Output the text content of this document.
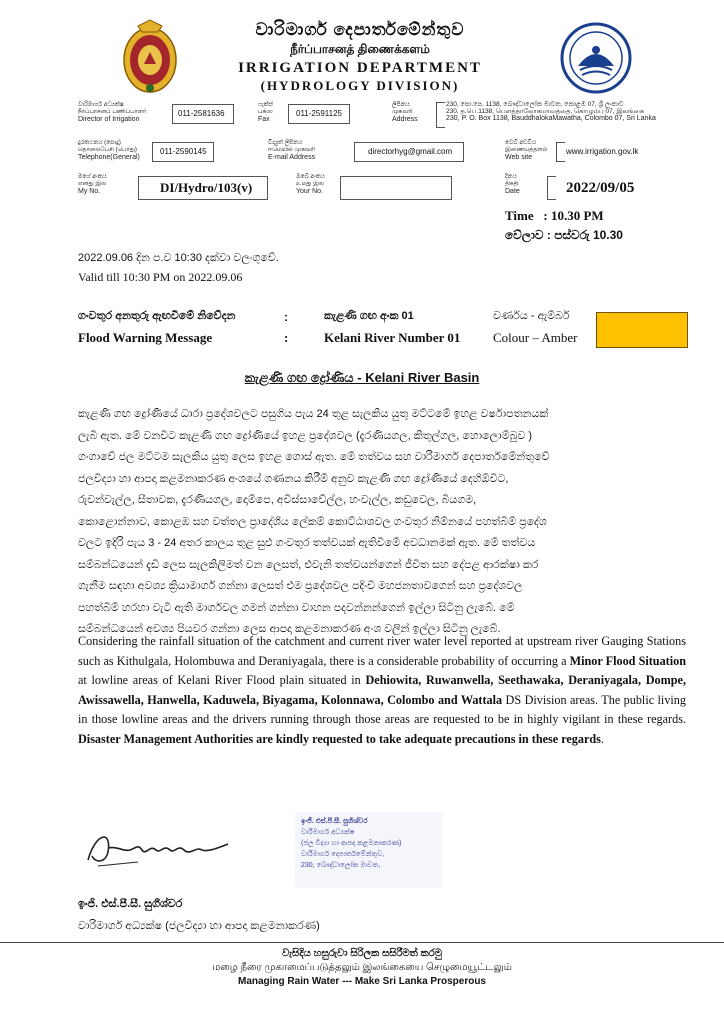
වාරිමාර්ග දෙපාර්තමේන්තුව
நீர்ப்பாசனத் திணைக்களம்
IRRIGATION DEPARTMENT
(HYDROLOGY DIVISION)
වාරිමාර්ග අධ්‍යක්ෂ
நீர்ப்பாசனப் பணிப்பாளர்
Director of Irrigation
011-2581636
ෆැක්ස්
பக்ஸ
Fax
011-2591125
ලිපිනය
முகவரி
Address
230, පො.පෙ. 1138, බෞද්ධාලෝක මාවත, කොළඹ 07, ශ්‍රී ලංකාව
230, த.பெ.1138, பௌத்தாலோகமாவத்தை, கொழும்பு 07, இலங்கை
230, P. O. Box 1138, BauddhalokaMawatha, Colombo 07, Sri Lanka
දුරකථනය (පොදු)
தொலைபேசி (பொது)
Telephone(General)
011-2590145
විද්‍යුත් ලිපිනය
ஈமெயில் முகவரி
E-mail Address
directorhyg@gmail.com
වෙබ් අඩවිය
இணையத்தளம்
Web site
www.irrigation.gov.lk
මගේ අංකය
எனது இல
My No.	DI/Hydro/103(v)
ඔබේ අංකය
உமது இல
Your No.
දිනය
திகதி
Date	2022/09/05
Time   : 10.30 PM
වේලාව : පස්වරු 10.30
2022.09.06 දින ප.ව 10:30 දක්වා වලංගුවේ.
Valid till 10:30 PM on 2022.09.06
ගංවතුර අනතුරු ඇඟවීමේ නිවේදන	:	කැළණි ගඟ අංක 01	වර්ණය - ඇම්බර්
Flood Warning Message	:	Kelani River Number 01	Colour – Amber
කැළණි ගඟ ද්‍රෝණිය - Kelani River Basin
කැළණි ගඟ ද්‍රෝණියේ ධාරා ප්‍රදේශවලට පසුගිය පැය 24 තුළ සැලකිය යුතු මට්ටමේ ඉහළ වර්ෂාපතනයක්
ලැබී ඇත. මේ වනවිට කැළණි ගඟ ද්‍රෝණියේ ඉහළ ප්‍රදේශවල (දැරණියගල, කිතුල්ගල, හොලොම්බුව )
ගංගාවේ ජල මට්ටම සැලකිය යුතු ලෙස ඉහළ ගොස් ඇත. මේ තත්වය සහ වාරිමාර්ග දෙපාර්තමේන්තුවේ
ජලවිද්‍යා හා ආපදා කළමනාකරණ අංශයේ ගණනය කිරීම් අනුව කැළණි ගඟ ද්‍රෝණියේ දෙහිඕවිට,
රුවන්වැල්ල, සීතාවක, දැරණියගල, දොම්පෙ, අවිස්සාවේල්ල, හංවැල්ල, කඩුවෙල, බියගම,
කොළොන්නාව, කොළඹ සහ වත්තල ප්‍රාදේශීය ලේකම් කොට්ඨාශවල ගංවතුර නිම්නයේ පහත්බිම් ප්‍රදේශ
වලට ඉදිරි පැය 3 - 24 අතර කාලය තුළ සුළු ගංවතුර තත්වයක් ඇතිවීමේ අවධානමක් ඇත. මේ තත්වය
සම්බන්ධයෙන් දැඩි ලෙස සැලකිලිමත් වන ලෙසත්, එවැනි තත්වයන්ගෙන් ජීවිත සහ දේපළ ආරක්ෂා කර
ගැනීම සඳහා අවශ්‍ය ක්‍රියාමාර්ග ගන්නා ලෙසත් එම ප්‍රදේශවල පදිංචි මහජනතාවගෙන් සහ ප්‍රදේශවල
පහත්බිම් හරහා වැටී ඇති මාර්ගවල ගමන් ගන්නා වාහන පදවන්නන්ගෙන් ඉල්ලා සිටිනු ලැබේ. මේ
සම්බන්ධයෙන් අවශ්‍ය පියවර ගන්නා ලෙස ආපදා කළමනාකරණ අංශ වලින් ඉල්ලා සිටිනු ලැබේ.
Considering the rainfall situation of the catchment and current river water level reported at upstream river Gauging Stations such as Kithulgala, Holombuwa and Deraniyagala, there is a considerable probability of occurring a Minor Flood Situation at lowline areas of Kelani River Flood plain situated in Dehiowita, Ruwanwella, Seethawaka, Deraniyagala, Dompe, Awissawella, Hanwella, Kaduwela, Biyagama, Kolonnawa, Colombo and Wattala DS Division areas. The public living in those lowline areas and the drivers running through those areas are requested to be in highly vigilant in these regards. Disaster Management Authorities are kindly requested to take adequate precautions in these regards.
ඉංජි. එස්.පී.සී. සුගීශ්වර
වාරිමාර්ග අධ්‍යක්ෂ
(ජල විද්‍යා හා ආපදා කළමනාකරණ)
වාරිමාර්ග දෙපාර්තමේන්තුව,
230, බෞද්ධාලෝක මාවත,
ඉංජි. එස්.පී.සී. සුගීශ්වර
වාරිමාර්ග අධ්‍යක්ෂ (ජලවිද්‍යා හා ආපදා කළමනාකරණ)
වැසිදිය හසුරුවා සිරිලක සසිරීමත් කරමු
மழை நீரை முகாமைப்படுத்தலும் இலங்கையை செழுமையூட்டலும்
Managing Rain Water --- Make Sri Lanka Prosperous
